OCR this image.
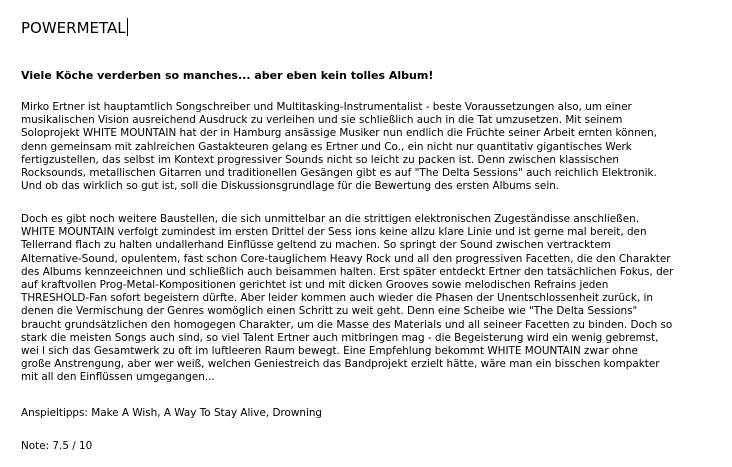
POWERMETAL
Viele Köche verderben so manches... aber eben kein tolles Album!
Mirko Ertner ist hauptamtlich Songschreiber und Multitasking-Instrumentalist - beste Voraussetzungen also, um einer
musikalischen Vision ausreichend Ausdruck zu verleihen und sie schließlich auch in die Tat umzusetzen. Mit seinem
Soloprojekt WHITE MOUNTAIN hat der in Hamburg ansässige Musiker nun endlich die Früchte seiner Arbeit ernten können,
denn gemeinsam mit zahlreichen Gastakteuren gelang es Ertner und Co., ein nicht nur quantitativ gigantisches Werk
fertigzustellen, das selbst im Kontext progressiver Sounds nicht so leicht zu packen ist. Denn zwischen klassischen
Rocksounds, metallischen Gitarren und traditionellen Gesängen gibt es auf "The Delta Sessions" auch reichlich Elektronik.
Und ob das wirklich so gut ist, soll die Diskussionsgrundlage für die Bewertung des ersten Albums sein.
Doch es gibt noch weitere Baustellen, die sich unmittelbar an die strittigen elektronischen Zugeständisse anschließen.
WHITE MOUNTAIN verfolgt zumindest im ersten Drittel der Sess ions keine allzu klare Linie und ist gerne mal bereit, den
Tellerrand flach zu halten undallerhand Einflüsse geltend zu machen. So springt der Sound zwischen vertracktem
Alternative-Sound, opulentem, fast schon Core-tauglichem Heavy Rock und all den progressiven Facetten, die den Charakter
des Albums kennzeeichnen und schließlich auch beisammen halten. Erst später entdeckt Ertner den tatsächlichen Fokus, der
auf kraftvollen Prog-Metal-Kompositionen gerichtet ist und mit dicken Grooves sowie melodischen Refrains jeden
THRESHOLD-Fan sofort begeistern dürfte. Aber leider kommen auch wieder die Phasen der Unentschlossenheit zurück, in
denen die Vermischung der Genres womöglich einen Schritt zu weit geht. Denn eine Scheibe wie "The Delta Sessions"
braucht grundsätzlichen den homogegen Charakter, um die Masse des Materials und all seineer Facetten zu binden. Doch so
stark die meisten Songs auch sind, so viel Talent Ertner auch mitbringen mag - die Begeisterung wird ein wenig gebremst,
wei l sich das Gesamtwerk zu oft im luftleeren Raum bewegt. Eine Empfehlung bekommt WHITE MOUNTAIN zwar ohne
große Anstrengung, aber wer weiß, welchen Geniestreich das Bandprojekt erzielt hätte, wäre man ein bisschen kompakter
mit all den Einflüssen umgegangen...
Anspieltipps: Make A Wish, A Way To Stay Alive, Drowning
Note: 7.5 / 10
